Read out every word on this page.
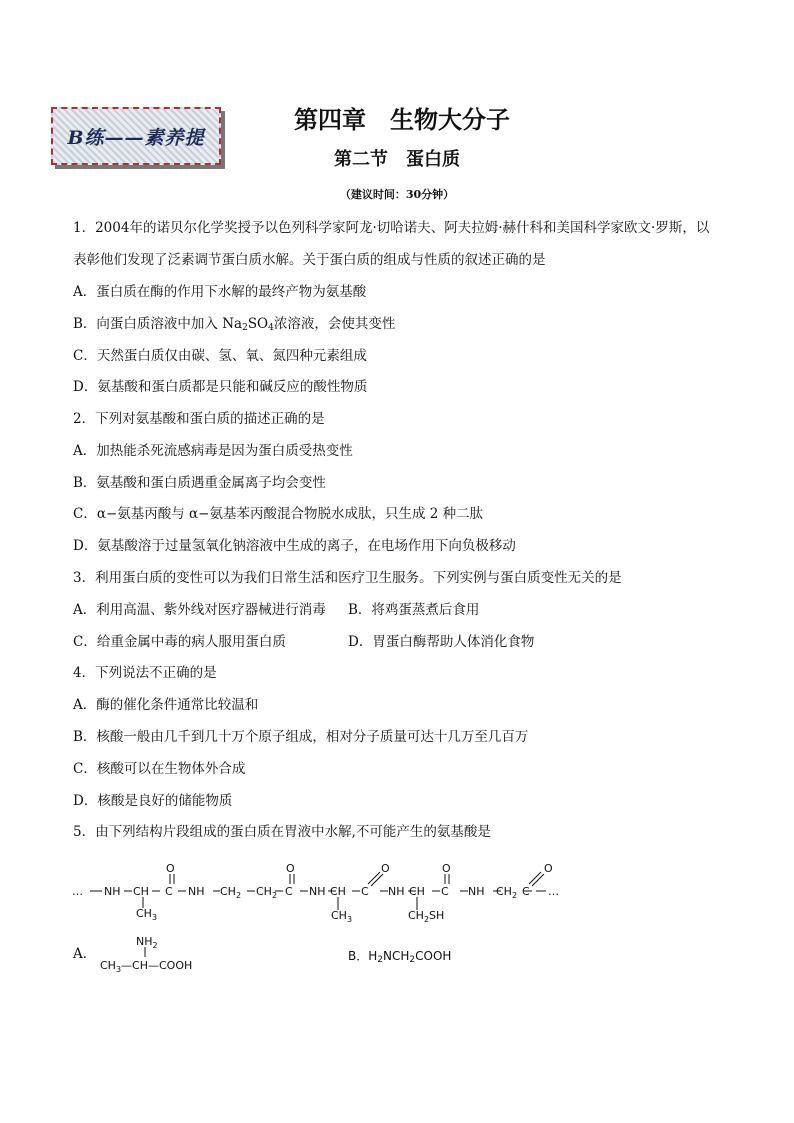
B练——素养提
第四章　生物大分子
第二节　蛋白质
（建议时间：30分钟）
1．2004年的诺贝尔化学奖授予以色列科学家阿龙·切哈诺夫、阿夫拉姆·赫什科和美国科学家欧文·罗斯，以
表彰他们发现了泛素调节蛋白质水解。关于蛋白质的组成与性质的叙述正确的是
A．蛋白质在酶的作用下水解的最终产物为氨基酸
B．向蛋白质溶液中加入 $Na_2SO_4$浓溶液，会使其变性
C．天然蛋白质仅由碳、氢、氧、氮四种元素组成
D．氨基酸和蛋白质都是只能和碱反应的酸性物质
2．下列对氨基酸和蛋白质的描述正确的是
A．加热能杀死流感病毒是因为蛋白质受热变性
B．氨基酸和蛋白质遇重金属离子均会变性
C．α−氨基丙酸与 α−氨基苯丙酸混合物脱水成肽，只生成 2 种二肽
D．氨基酸溶于过量氢氧化钠溶液中生成的离子，在电场作用下向负极移动
3．利用蛋白质的变性可以为我们日常生活和医疗卫生服务。下列实例与蛋白质变性无关的是
A．利用高温、紫外线对医疗器械进行消毒 B．将鸡蛋蒸煮后食用
C．给重金属中毒的病人服用蛋白质	D．胃蛋白酶帮助人体消化食物
4．下列说法不正确的是
A．酶的催化条件通常比较温和
B．核酸一般由几千到几十万个原子组成，相对分子质量可达十几万至几百万
C．核酸可以在生物体外合成
D．核酸是良好的储能物质
5．由下列结构片段组成的蛋白质在胃液中水解,不可能产生的氨基酸是
… NH CH C
O
NH $CH_2$ $CH_2$ C
O
NH CH C
O
NH CH C
O
NH $CH_2$ C
O
…
$CH_3$	$CH_3$	$CH_2SH$
A．
$NH_2$
$CH_3—CH—COOH$
B．$H_2NCH_2COOH$
